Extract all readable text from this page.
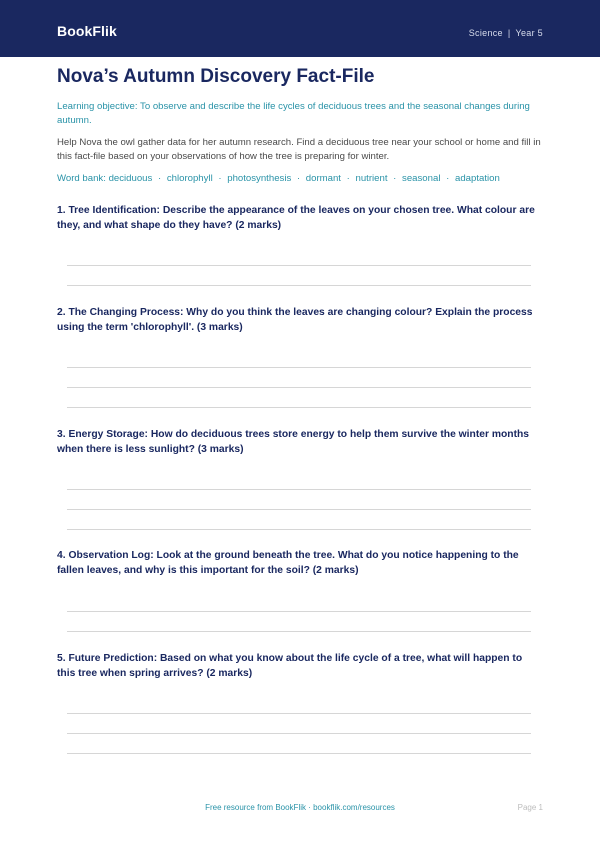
BookFlik	Science | Year 5
Nova’s Autumn Discovery Fact-File

Learning objective: To observe and describe the life cycles of deciduous trees and the seasonal changes during autumn.

Help Nova the owl gather data for her autumn research. Find a deciduous tree near your school or home and fill in this fact-file based on your observations of how the tree is preparing for winter.

Word bank: deciduous · chlorophyll · photosynthesis · dormant · nutrient · seasonal · adaptation

1. Tree Identification: Describe the appearance of the leaves on your chosen tree. What colour are they, and what shape do they have? (2 marks)
2. The Changing Process: Why do you think the leaves are changing colour? Explain the process using the term 'chlorophyll'. (3 marks)
3. Energy Storage: How do deciduous trees store energy to help them survive the winter months when there is less sunlight? (3 marks)
4. Observation Log: Look at the ground beneath the tree. What do you notice happening to the fallen leaves, and why is this important for the soil? (2 marks)
5. Future Prediction: Based on what you know about the life cycle of a tree, what will happen to this tree when spring arrives? (2 marks)
Free resource from BookFlik · bookflik.com/resources	Page 1
